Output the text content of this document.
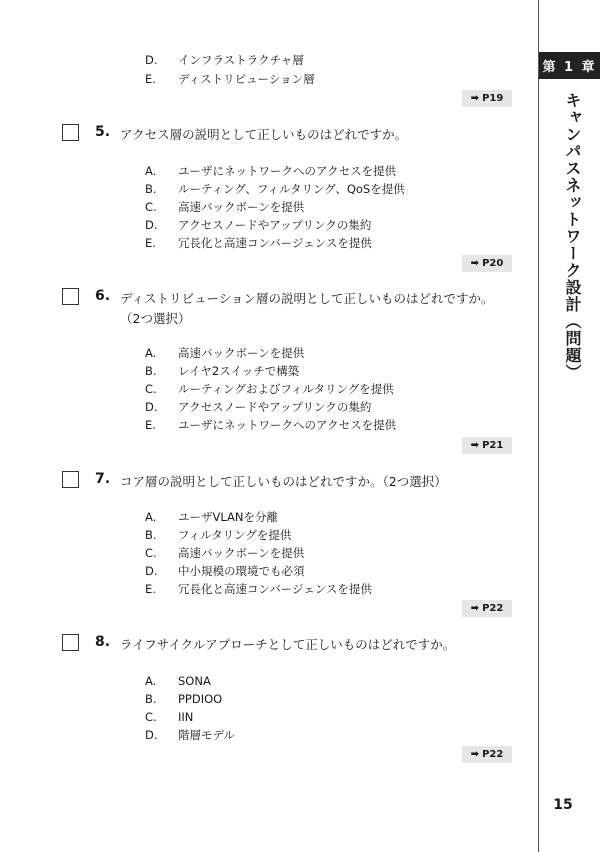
第 1 章
キャンパスネットワーク設計（問題）
15
D. インフラストラクチャ層
E. ディストリビューション層
➡ P19
5. アクセス層の説明として正しいものはどれですか。
A. ユーザにネットワークへのアクセスを提供
B. ルーティング、フィルタリング、QoSを提供
C. 高速バックボーンを提供
D. アクセスノードやアップリンクの集約
E. 冗長化と高速コンバージェンスを提供
➡ P20
6. ディストリビューション層の説明として正しいものはどれですか。
（2つ選択）
A. 高速バックボーンを提供
B. レイヤ2スイッチで構築
C. ルーティングおよびフィルタリングを提供
D. アクセスノードやアップリンクの集約
E. ユーザにネットワークへのアクセスを提供
➡ P21
7. コア層の説明として正しいものはどれですか。（2つ選択）
A. ユーザVLANを分離
B. フィルタリングを提供
C. 高速バックボーンを提供
D. 中小規模の環境でも必須
E. 冗長化と高速コンバージェンスを提供
➡ P22
8. ライフサイクルアプローチとして正しいものはどれですか。
A. SONA
B. PPDIOO
C. IIN
D. 階層モデル
➡ P22
